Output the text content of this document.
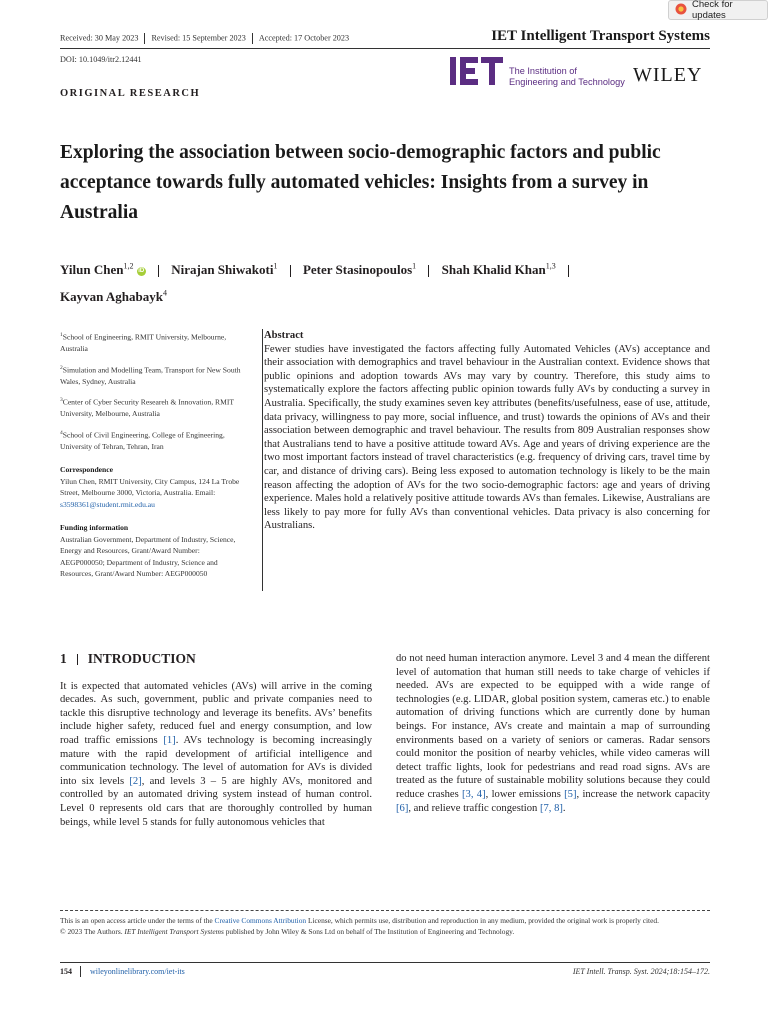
Check for updates
Received: 30 May 2023 Revised: 15 September 2023 Accepted: 17 October 2023	IET Intelligent Transport Systems
DOI: 10.1049/itr2.12441
The Institution of
Engineering and Technology WILEY
ORIGINAL RESEARCH
Exploring the association between socio-demographic factors and public acceptance towards fully automated vehicles: Insights from a survey in Australia
Yilun Chen$^{1,2}$ iD Nirajan Shiwakoti$^1$ Peter Stasinopoulos$^1$ Shah Khalid Khan$^{1,3}$
Kayvan Aghabayk$^4$
$^1$School of Engineering, RMIT University, Melbourne, Australia
$^2$Simulation and Modelling Team, Transport for New South Wales, Sydney, Australia
$^3$Center of Cyber Security Researeh & Innovation, RMIT University, Melbourne, Australia
$^4$School of Civil Engineering, College of Engineering, University of Tehran, Tehran, Iran
Correspondence
Yilun Chen, RMIT University, City Campus, 124 La Trobe Street, Melbourne 3000, Victoria, Australia. Email: s3598361@student.rmit.edu.au
Funding information
Australian Government, Department of Industry, Science, Energy and Resources, Grant/Award Number: AEGP000050; Department of Industry, Science and Resources, Grant/Award Number: AEGP000050
Abstract
Fewer studies have investigated the factors affecting fully Automated Vehicles (AVs) acceptance and their association with demographics and travel behaviour in the Australian context. Evidence shows that public opinions and adoption towards AVs may vary by country. Therefore, this study aims to systematically explore the factors affecting public opinion towards fully AVs by conducting a survey in Australia. Specifically, the study examines seven key attributes (benefits/usefulness, ease of use, attitude, data privacy, willingness to pay more, social influence, and trust) towards the opinions of AVs and their association between demographic and travel behaviour. The results from 809 Australian responses show that Australians tend to have a positive attitude toward AVs. Age and years of driving experience are the two most important factors instead of travel characteristics (e.g. frequency of driving cars, travel time by car, and distance of driving cars). Being less exposed to automation technology is likely to be the main reason affecting the adoption of AVs for the two socio-demographic factors: age and years of driving experience. Males hold a relatively positive attitude towards AVs than females. Likewise, Australians are less likely to pay more for fully AVs than conventional vehicles. Data privacy is also concerning for Australians.
1 INTRODUCTION

It is expected that automated vehicles (AVs) will arrive in the coming decades. As such, government, public and private companies need to tackle this disruptive technology and leverage its benefits. AVs’ benefits include higher safety, reduced fuel and energy consumption, and low road traffic emissions [1]. AVs technology is becoming increasingly mature with the rapid development of artificial intelligence and communication technology. The level of automation for AVs is divided into six levels [2], and levels 3 – 5 are highly AVs, monitored and controlled by an automated driving system instead of human control. Level 0 represents old cars that are thoroughly controlled by human beings, while level 5 stands for fully autonomous vehicles that

do not need human interaction anymore. Level 3 and 4 mean the different level of automation that human still needs to take charge of vehicles if needed. AVs are expected to be equipped with a wide range of technologies (e.g. LIDAR, global position system, cameras etc.) to enable automation of driving functions which are currently done by human beings. For instance, AVs create and maintain a map of surrounding environments based on a variety of seniors or cameras. Radar sensors could monitor the position of nearby vehicles, while video cameras will detect traffic lights, look for pedestrians and read road signs. AVs are treated as the future of sustainable mobility solutions because they could reduce crashes [3, 4], lower emissions [5], increase the network capacity [6], and relieve traffic congestion [7, 8].

This is an open access article under the terms of the Creative Commons Attribution License, which permits use, distribution and reproduction in any medium, provided the original work is properly cited.
© 2023 The Authors. IET Intelligent Transport Systems published by John Wiley & Sons Ltd on behalf of The Institution of Engineering and Technology.
154 wileyonlinelibrary.com/iet-its	IET Intell. Transp. Syst. 2024;18:154–172.
